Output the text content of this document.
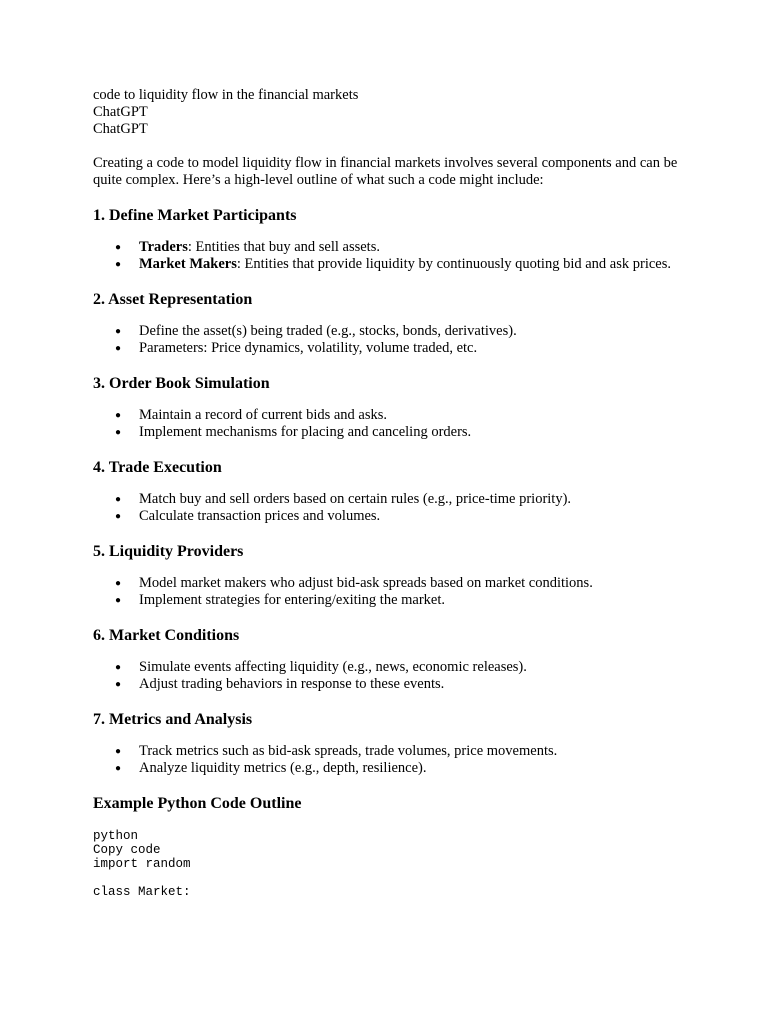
code to liquidity flow in the financial markets

ChatGPT

ChatGPT

Creating a code to model liquidity flow in financial markets involves several components and can be quite complex. Here’s a high-level outline of what such a code might include:

1. Define Market Participants
● Traders: Entities that buy and sell assets.
● Market Makers: Entities that provide liquidity by continuously quoting bid and ask prices.
2. Asset Representation
● Define the asset(s) being traded (e.g., stocks, bonds, derivatives).
● Parameters: Price dynamics, volatility, volume traded, etc.
3. Order Book Simulation
● Maintain a record of current bids and asks.
● Implement mechanisms for placing and canceling orders.
4. Trade Execution
● Match buy and sell orders based on certain rules (e.g., price-time priority).
● Calculate transaction prices and volumes.
5. Liquidity Providers
● Model market makers who adjust bid-ask spreads based on market conditions.
● Implement strategies for entering/exiting the market.
6. Market Conditions
● Simulate events affecting liquidity (e.g., news, economic releases).
● Adjust trading behaviors in response to these events.
7. Metrics and Analysis
● Track metrics such as bid-ask spreads, trade volumes, price movements.
● Analyze liquidity metrics (e.g., depth, resilience).
Example Python Code Outline
python
Copy code
import random
class Market:
